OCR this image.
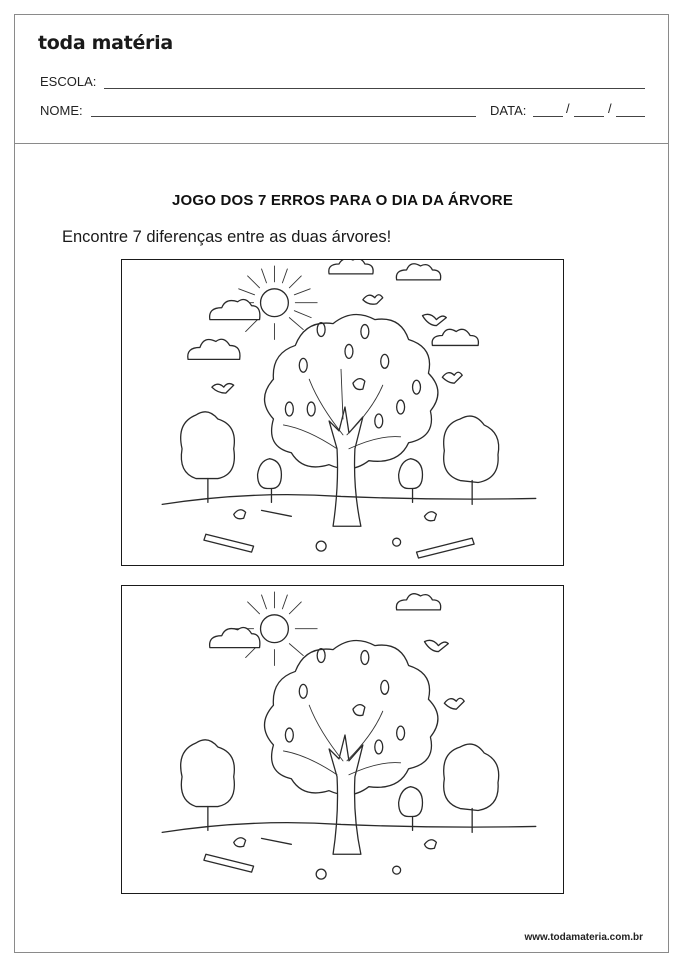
toda matéria
ESCOLA:
NOME:	DATA:	/	/
JOGO DOS 7 ERROS PARA O DIA DA ÁRVORE
Encontre 7 diferenças entre as duas árvores!
www.todamateria.com.br
